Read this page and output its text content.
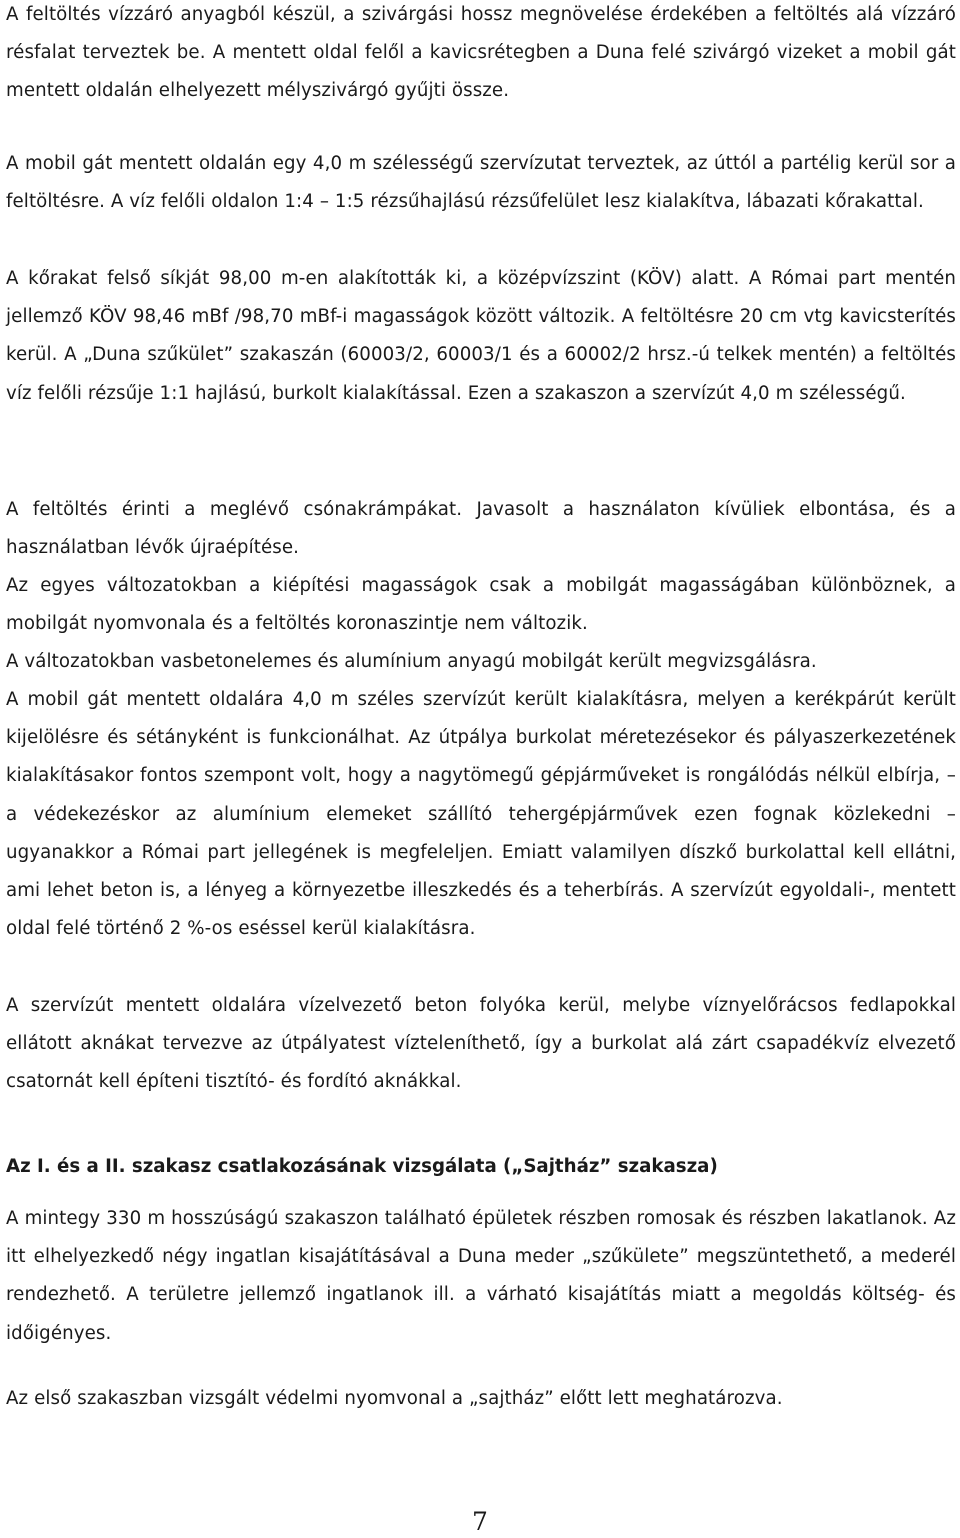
A feltöltés vízzáró anyagból készül, a szivárgási hossz megnövelése érdekében a feltöltés alá vízzáró résfalat terveztek be. A mentett oldal felől a kavicsrétegben a Duna felé szivárgó vizeket a mobil gát mentett oldalán elhelyezett mélyszivárgó gyűjti össze.

A mobil gát mentett oldalán egy 4,0 m szélességű szervízutat terveztek, az úttól a partélig kerül sor a feltöltésre. A víz felőli oldalon 1:4 – 1:5 rézsűhajlású rézsűfelület lesz kialakítva, lábazati kőrakattal.

A kőrakat felső síkját 98,00 m-en alakították ki, a középvízszint (KÖV) alatt. A Római part mentén jellemző KÖV 98,46 mBf /98,70 mBf-i magasságok között változik. A feltöltésre 20 cm vtg kavicsterítés kerül. A „Duna szűkület” szakaszán (60003/2, 60003/1 és a 60002/2 hrsz.-ú telkek mentén) a feltöltés víz felőli rézsűje 1:1 hajlású, burkolt kialakítással. Ezen a szakaszon a szervízút 4,0 m szélességű.

A feltöltés érinti a meglévő csónakrámpákat. Javasolt a használaton kívüliek elbontása, és a használatban lévők újraépítése.

Az egyes változatokban a kiépítési magasságok csak a mobilgát magasságában különböznek, a mobilgát nyomvonala és a feltöltés koronaszintje nem változik.

A változatokban vasbetonelemes és alumínium anyagú mobilgát került megvizsgálásra.

A mobil gát mentett oldalára 4,0 m széles szervízút került kialakításra, melyen a kerékpárút került kijelölésre és sétányként is funkcionálhat. Az útpálya burkolat méretezésekor és pályaszerkezetének kialakításakor fontos szempont volt, hogy a nagytömegű gépjárműveket is rongálódás nélkül elbírja, – a védekezéskor az alumínium elemeket szállító tehergépjárművek ezen fognak közlekedni – ugyanakkor a Római part jellegének is megfeleljen. Emiatt valamilyen díszkő burkolattal kell ellátni, ami lehet beton is, a lényeg a környezetbe illeszkedés és a teherbírás. A szervízút egyoldali-, mentett oldal felé történő 2 %-os eséssel kerül kialakításra.

A szervízút mentett oldalára vízelvezető beton folyóka kerül, melybe víznyelőrácsos fedlapokkal ellátott aknákat tervezve az útpályatest vízteleníthető, így a burkolat alá zárt csapadékvíz elvezető csatornát kell építeni tisztító- és fordító aknákkal.

Az I. és a II. szakasz csatlakozásának vizsgálata („Sajtház” szakasza)

A mintegy 330 m hosszúságú szakaszon található épületek részben romosak és részben lakatlanok. Az itt elhelyezkedő négy ingatlan kisajátításával a Duna meder „szűkülete” megszüntethető, a mederél rendezhető. A területre jellemző ingatlanok ill. a várható kisajátítás miatt a megoldás költség- és időigényes.

Az első szakaszban vizsgált védelmi nyomvonal a „sajtház” előtt lett meghatározva.

7
